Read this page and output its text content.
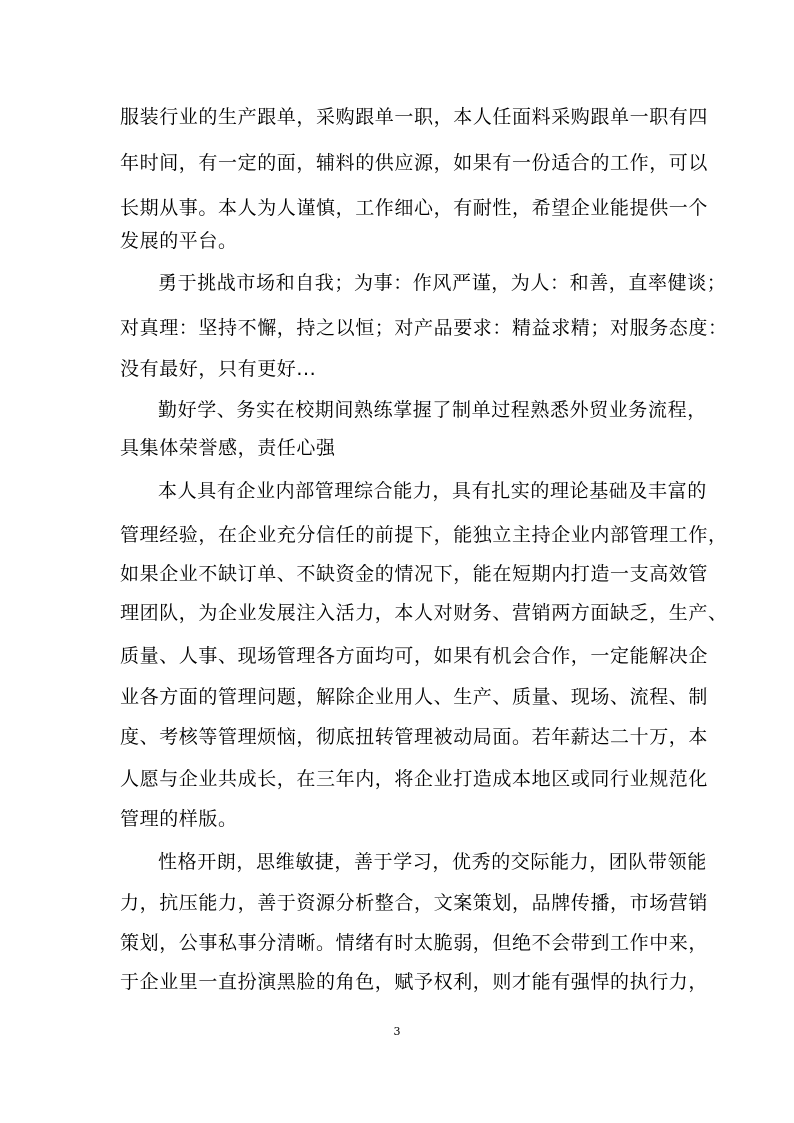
服装行业的生产跟单，采购跟单一职，本人任面料采购跟单一职有四
年时间，有一定的面，辅料的供应源，如果有一份适合的工作，可以
长期从事。本人为人谨慎，工作细心，有耐性，希望企业能提供一个
发展的平台。
勇于挑战市场和自我；为事：作风严谨，为人：和善，直率健谈；
对真理：坚持不懈，持之以恒；对产品要求：精益求精；对服务态度：
没有最好，只有更好...
勤好学、务实在校期间熟练掌握了制单过程熟悉外贸业务流程，
具集体荣誉感，责任心强
本人具有企业内部管理综合能力，具有扎实的理论基础及丰富的
管理经验，在企业充分信任的前提下，能独立主持企业内部管理工作，
如果企业不缺订单、不缺资金的情况下，能在短期内打造一支高效管
理团队，为企业发展注入活力，本人对财务、营销两方面缺乏，生产、
质量、人事、现场管理各方面均可，如果有机会合作，一定能解决企
业各方面的管理问题，解除企业用人、生产、质量、现场、流程、制
度、考核等管理烦恼，彻底扭转管理被动局面。若年薪达二十万，本
人愿与企业共成长，在三年内，将企业打造成本地区或同行业规范化
管理的样版。
性格开朗，思维敏捷，善于学习，优秀的交际能力，团队带领能
力，抗压能力，善于资源分析整合，文案策划，品牌传播，市场营销
策划，公事私事分清晰。情绪有时太脆弱，但绝不会带到工作中来，
于企业里一直扮演黑脸的角色，赋予权利，则才能有强悍的执行力，
3
